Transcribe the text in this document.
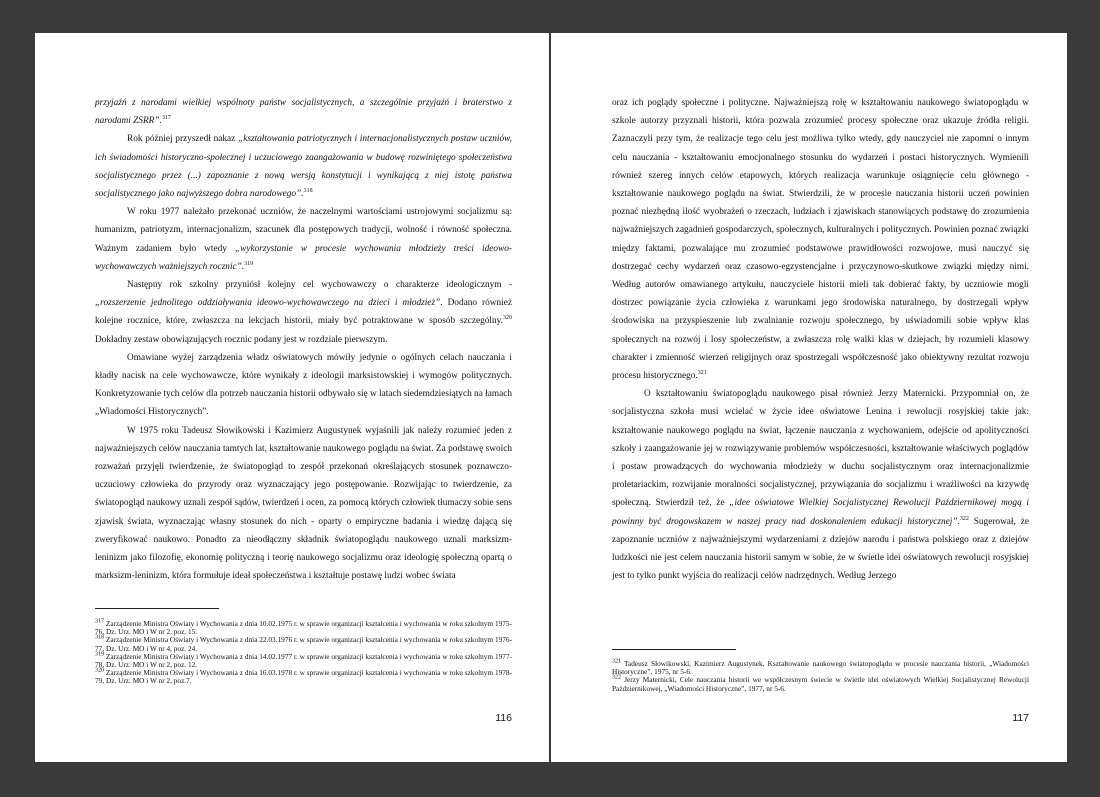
przyjaźń z narodami wielkiej wspólnoty państw socjalistycznych, a szczególnie przyjaźń i braterstwo z narodami ZSRR”.$^{317}$

Rok później przyszedł nakaz „kształtowania patriotycznych i internacjonalistycznych postaw uczniów, ich świadomości historyczno-społecznej i uczuciowego zaangażowania w budowę rozwiniętego społeczeństwa socjalistycznego przez (...) zapoznanie z nową wersją konstytucji i wynikającą z niej istotę państwa socjalistycznego jako najwyższego dobra narodowego”.$^{318}$

W roku 1977 należało przekonać uczniów, że naczelnymi wartościami ustrojowymi socjalizmu są: humanizm, patriotyzm, internacjonalizm, szacunek dla postępowych tradycji, wolność i równość społeczna. Ważnym zadaniem było wtedy „wykorzystanie w procesie wychowania młodzieży treści ideowo-wychowawczych ważniejszych rocznic”.$^{319}$

Następny rok szkolny przyniósł kolejny cel wychowawczy o charakterze ideologicznym - „rozszerzenie jednolitego oddziaływania ideowo-wychowawczego na dzieci i młodzież”. Dodano również kolejne rocznice, które, zwłaszcza na lekcjach historii, miały być potraktowane w sposób szczególny.$^{320}$ Dokładny zestaw obowiązujących rocznic podany jest w rozdziale pierwszym.

Omawiane wyżej zarządzenia władz oświatowych mówiły jedynie o ogólnych celach nauczania i kładły nacisk na cele wychowawcze, które wynikały z ideologii marksistowskiej i wymogów politycznych. Konkretyzowanie tych celów dla potrzeb nauczania historii odbywało się w latach siedemdziesiątych na łamach „Wiadomości Historycznych”.

W 1975 roku Tadeusz Słowikowski i Kazimierz Augustynek wyjaśnili jak należy rozumieć jeden z najważniejszych celów nauczania tamtych lat, kształtowanie naukowego poglądu na świat. Za podstawę swoich rozważań przyjęli twierdzenie, że światopogląd to zespół przekonań określających stosunek poznawczo-uczuciowy człowieka do przyrody oraz wyznaczający jego postępowanie. Rozwijając to twierdzenie, za światopogląd naukowy uznali zespół sądów, twierdzeń i ocen, za pomocą których człowiek tłumaczy sobie sens zjawisk świata, wyznaczając własny stosunek do nich - oparty o empiryczne badania i wiedzę dającą się zweryfikować naukowo. Ponadto za nieodłączny składnik światopoglądu naukowego uznali marksizm-leninizm jako filozofię, ekonomię polityczną i teorię naukowego socjalizmu oraz ideologię społeczną opartą o marksizm-leninizm, która formułuje ideał społeczeństwa i kształtuje postawę ludzi wobec świata

$^{317}$ Zarządzenie Ministra Oświaty i Wychowania z dnia 10.02.1975 r. w sprawie organizacji kształcenia i wychowania w roku szkolnym 1975-76, Dz. Urz. MO i W nr 2, poz. 15.

$^{318}$ Zarządzenie Ministra Oświaty i Wychowania z dnia 22.03.1976 r. w sprawie organizacji kształcenia i wychowania w roku szkolnym 1976-77, Dz. Urz. MO i W nr 4, poz. 24.

$^{319}$ Zarządzenie Ministra Oświaty i Wychowania z dnia 14.02.1977 r. w sprawie organizacji kształcenia i wychowania w roku szkolnym 1977-78, Dz. Urz. MO i W nr 2, poz. 12.

$^{320}$ Zarządzenie Ministra Oświaty i Wychowania z dnia 16.03.1978 r. w sprawie organizacji kształcenia i wychowania w roku szkolnym 1978-79, Dz. Urz. MO i W nr 2, poz.7.

116

oraz ich poglądy społeczne i polityczne. Najważniejszą rolę w kształtowaniu naukowego światopoglądu w szkole autorzy przyznali historii, która pozwala zrozumieć procesy społeczne oraz ukazuje źródła religii. Zaznaczyli przy tym, że realizacje tego celu jest możliwa tylko wtedy, gdy nauczyciel nie zapomni o innym celu nauczania - kształtowaniu emocjonalnego stosunku do wydarzeń i postaci historycznych. Wymienili również szereg innych celów etapowych, których realizacja warunkuje osiągnięcie celu głównego - kształtowanie naukowego poglądu na świat. Stwierdzili, że w procesie nauczania historii uczeń powinien poznać niezbędną ilość wyobrażeń o rzeczach, ludziach i zjawiskach stanowiących podstawę do zrozumienia najważniejszych zagadnień gospodarczych, społecznych, kulturalnych i politycznych. Powinien poznać związki między faktami, pozwalające mu zrozumieć podstawowe prawidłowości rozwojowe, musi nauczyć się dostrzegać cechy wydarzeń oraz czasowo-egzystencjalne i przyczynowo-skutkowe związki między nimi. Według autorów omawianego artykułu, nauczyciele historii mieli tak dobierać fakty, by uczniowie mogli dostrzec powiązanie życia człowieka z warunkami jego środowiska naturalnego, by dostrzegali wpływ środowiska na przyspieszenie lub zwalnianie rozwoju społecznego, by uświadomili sobie wpływ klas społecznych na rozwój i losy społeczeństw, a zwłaszcza rolę walki klas w dziejach, by rozumieli klasowy charakter i zmienność wierzeń religijnych oraz spostrzegali współczesność jako obiektywny rezultat rozwoju procesu historycznego.$^{321}$

O kształtowaniu światopoglądu naukowego pisał również Jerzy Maternicki. Przypomniał on, że socjalistyczna szkoła musi wcielać w życie idee oświatowe Lenina i rewolucji rosyjskiej takie jak: kształtowanie naukowego poglądu na świat, łączenie nauczania z wychowaniem, odejście od apolityczności szkoły i zaangażowanie jej w rozwiązywanie problemów współczesności, kształtowanie właściwych poglądów i postaw prowadzących do wychowania młodzieży w duchu socjalistycznym oraz internacjonalizmie proletariackim, rozwijanie moralności socjalistycznej, przywiązania do socjalizmu i wrażliwości na krzywdę społeczną. Stwierdził też, że „idee oświatowe Wielkiej Socjalistycznej Rewolucji Październikowej mogą i powinny być drogowskazem w naszej pracy nad doskonaleniem edukacji historycznej”.$^{322}$ Sugerował, że zapoznanie uczniów z najważniejszymi wydarzeniami z dziejów narodu i państwa polskiego oraz z dziejów ludzkości nie jest celem nauczania historii samym w sobie, że w świetle idei oświatowych rewolucji rosyjskiej jest to tylko punkt wyjścia do realizacji celów nadrzędnych. Według Jerzego

$^{321}$ Tadeusz Słowikowski, Kazimierz Augustynek, Kształtowanie naukowego światopoglądu w procesie nauczania historii, „Wiadomości Historyczne”, 1975, nr 5-6.

$^{322}$ Jerzy Maternicki, Cele nauczania historii we współczesnym świecie w świetle idei oświatowych Wielkiej Socjalistycznej Rewolucji Październikowej, „Wiadomości Historyczne”, 1977, nr 5-6.

117
